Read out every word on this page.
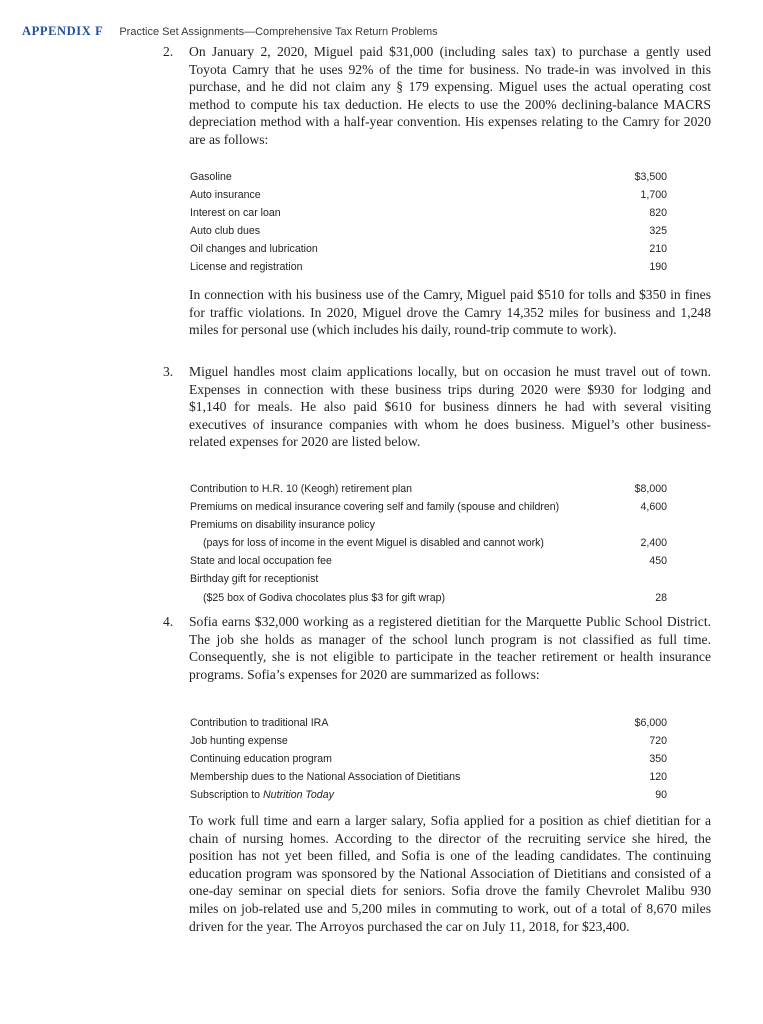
APPENDIX F Practice Set Assignments—Comprehensive Tax Return Problems
2. On January 2, 2020, Miguel paid $31,000 (including sales tax) to purchase a gently used Toyota Camry that he uses 92% of the time for business. No trade-in was involved in this purchase, and he did not claim any § 179 expensing. Miguel uses the actual operating cost method to compute his tax deduction. He elects to use the 200% declining-balance MACRS depreciation method with a half-year convention. His expenses relating to the Camry for 2020 are as follows:

Gasoline	$3,500
Auto insurance	1,700
Interest on car loan	820
Auto club dues	325
Oil changes and lubrication	210
License and registration	190

In connection with his business use of the Camry, Miguel paid $510 for tolls and $350 in fines for traffic violations. In 2020, Miguel drove the Camry 14,352 miles for business and 1,248 miles for personal use (which includes his daily, round-trip commute to work).

3. Miguel handles most claim applications locally, but on occasion he must travel out of town. Expenses in connection with these business trips during 2020 were $930 for lodging and $1,140 for meals. He also paid $610 for business dinners he had with several visiting executives of insurance companies with whom he does business. Miguel’s other business-related expenses for 2020 are listed below.

Contribution to H.R. 10 (Keogh) retirement plan	$8,000
Premiums on medical insurance covering self and family (spouse and children)	4,600
Premiums on disability insurance policy
(pays for loss of income in the event Miguel is disabled and cannot work)	2,400
State and local occupation fee	450
Birthday gift for receptionist
($25 box of Godiva chocolates plus $3 for gift wrap)	28
4. Sofia earns $32,000 working as a registered dietitian for the Marquette Public School District. The job she holds as manager of the school lunch program is not classified as full time. Consequently, she is not eligible to participate in the teacher retirement or health insurance programs. Sofia’s expenses for 2020 are summarized as follows:

Contribution to traditional IRA	$6,000
Job hunting expense	720
Continuing education program	350
Membership dues to the National Association of Dietitians	120
Subscription to Nutrition Today	90

To work full time and earn a larger salary, Sofia applied for a position as chief dietitian for a chain of nursing homes. According to the director of the recruiting service she hired, the position has not yet been filled, and Sofia is one of the leading candidates. The continuing education program was sponsored by the National Association of Dietitians and consisted of a one-day seminar on special diets for seniors. Sofia drove the family Chevrolet Malibu 930 miles on job-related use and 5,200 miles in commuting to work, out of a total of 8,670 miles driven for the year. The Arroyos purchased the car on July 11, 2018, for $23,400.
